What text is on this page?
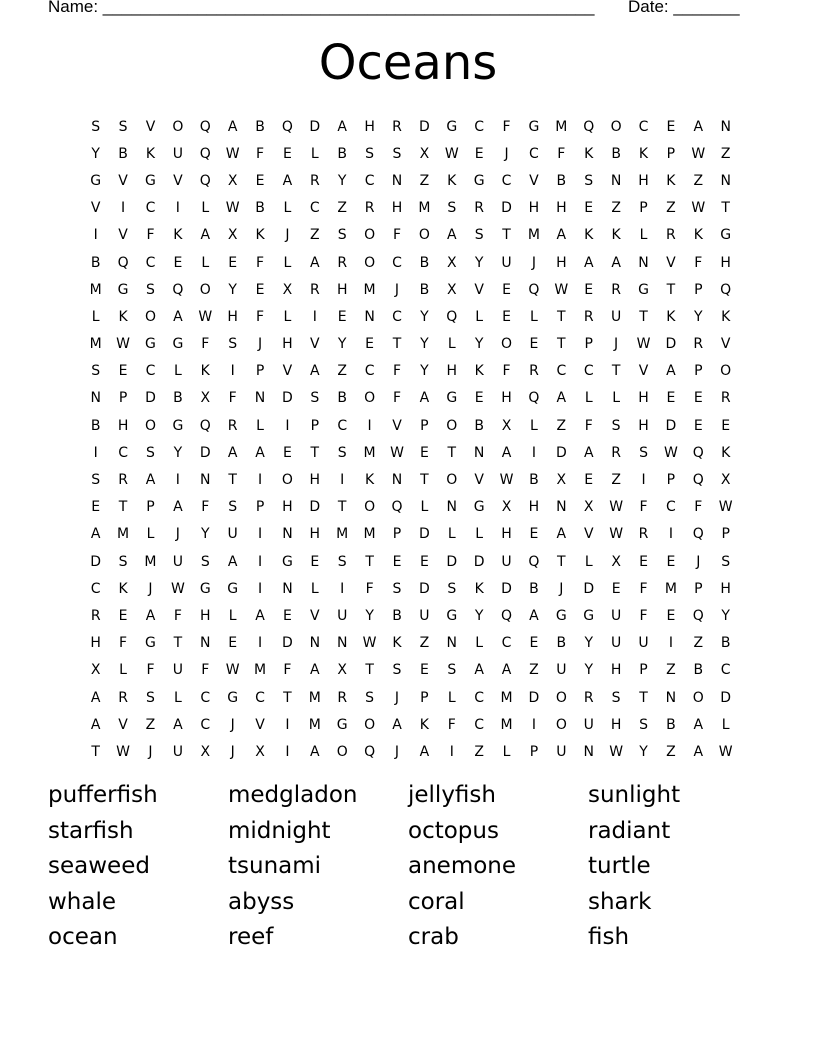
Name: ____________________________________________________ Date: _______
Oceans
S	S	V	O	Q	A	B	Q	D	A	H	R	D	G	C	F	G	M	Q	O	C	E	A	N
Y	B	K	U	Q	W	F	E	L	B	S	S	X	W	E	J	C	F	K	B	K	P	W	Z
G	V	G	V	Q	X	E	A	R	Y	C	N	Z	K	G	C	V	B	S	N	H	K	Z	N
V	I	C	I	L	W	B	L	C	Z	R	H	M	S	R	D	H	H	E	Z	P	Z	W	T
I	V	F	K	A	X	K	J	Z	S	O	F	O	A	S	T	M	A	K	K	L	R	K	G
B	Q	C	E	L	E	F	L	A	R	O	C	B	X	Y	U	J	H	A	A	N	V	F	H
M	G	S	Q	O	Y	E	X	R	H	M	J	B	X	V	E	Q	W	E	R	G	T	P	Q
L	K	O	A	W	H	F	L	I	E	N	C	Y	Q	L	E	L	T	R	U	T	K	Y	K
M	W	G	G	F	S	J	H	V	Y	E	T	Y	L	Y	O	E	T	P	J	W	D	R	V
S	E	C	L	K	I	P	V	A	Z	C	F	Y	H	K	F	R	C	C	T	V	A	P	O
N	P	D	B	X	F	N	D	S	B	O	F	A	G	E	H	Q	A	L	L	H	E	E	R
B	H	O	G	Q	R	L	I	P	C	I	V	P	O	B	X	L	Z	F	S	H	D	E	E
I	C	S	Y	D	A	A	E	T	S	M	W	E	T	N	A	I	D	A	R	S	W	Q	K
S	R	A	I	N	T	I	O	H	I	K	N	T	O	V	W	B	X	E	Z	I	P	Q	X
E	T	P	A	F	S	P	H	D	T	O	Q	L	N	G	X	H	N	X	W	F	C	F	W
A	M	L	J	Y	U	I	N	H	M	M	P	D	L	L	H	E	A	V	W	R	I	Q	P
D	S	M	U	S	A	I	G	E	S	T	E	E	D	D	U	Q	T	L	X	E	E	J	S
C	K	J	W	G	G	I	N	L	I	F	S	D	S	K	D	B	J	D	E	F	M	P	H
R	E	A	F	H	L	A	E	V	U	Y	B	U	G	Y	Q	A	G	G	U	F	E	Q	Y
H	F	G	T	N	E	I	D	N	N	W	K	Z	N	L	C	E	B	Y	U	U	I	Z	B
X	L	F	U	F	W	M	F	A	X	T	S	E	S	A	A	Z	U	Y	H	P	Z	B	C
A	R	S	L	C	G	C	T	M	R	S	J	P	L	C	M	D	O	R	S	T	N	O	D
A	V	Z	A	C	J	V	I	M	G	O	A	K	F	C	M	I	O	U	H	S	B	A	L
T	W	J	U	X	J	X	I	A	O	Q	J	A	I	Z	L	P	U	N	W	Y	Z	A	W
pufferfish	medgladon	jellyfish	sunlight
starfish	midnight	octopus	radiant
seaweed	tsunami	anemone	turtle
whale	abyss	coral	shark
ocean	reef	crab	fish
